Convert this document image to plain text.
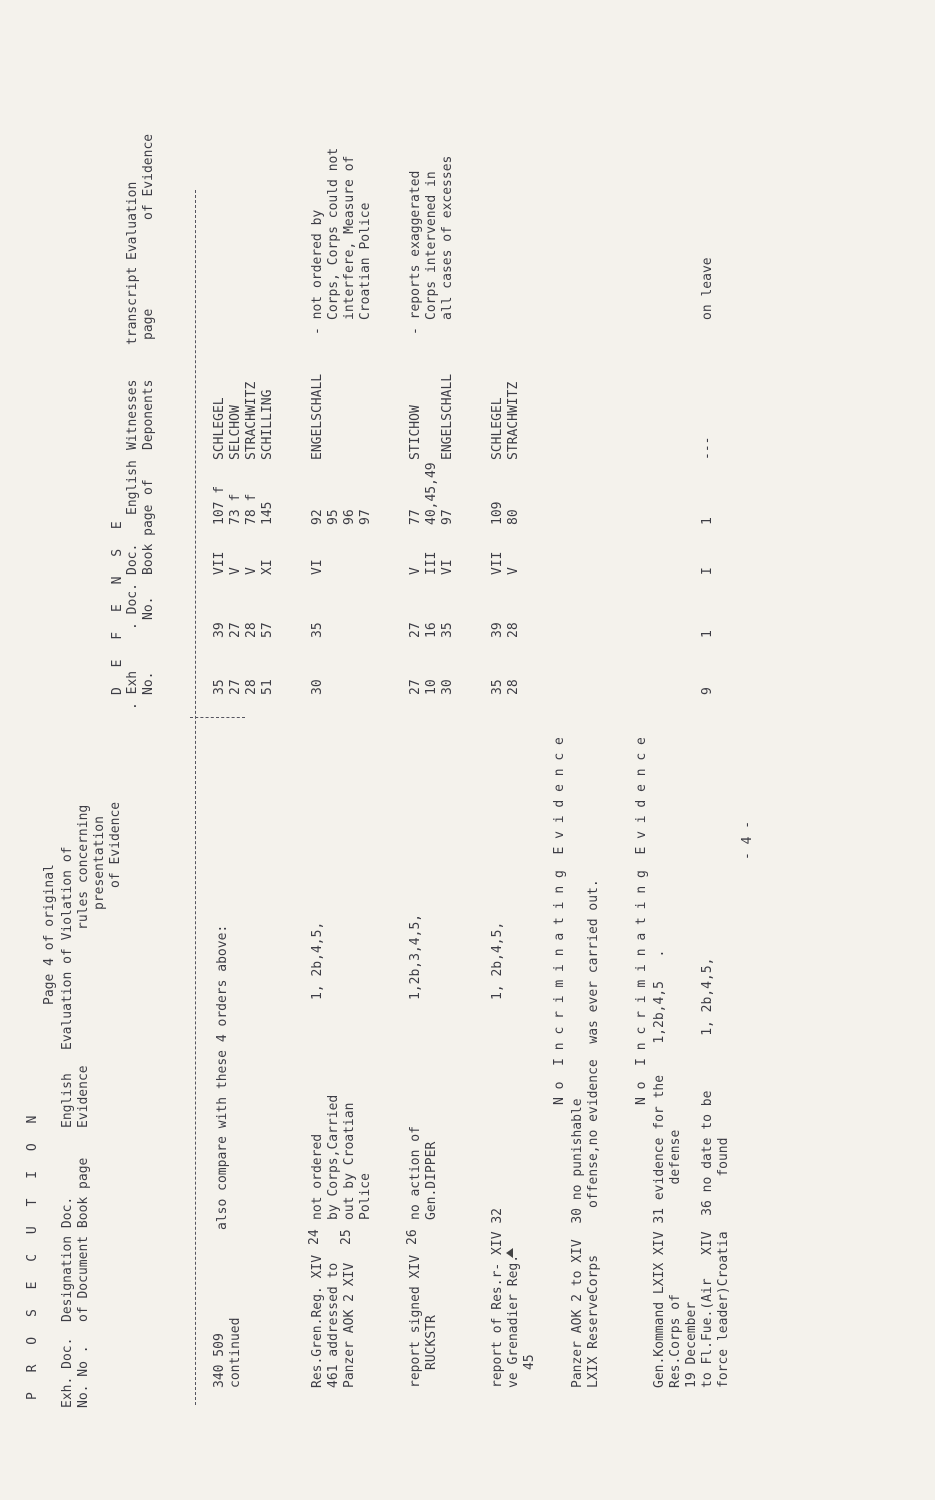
P R O S E C U T I O N
D E F E N S E
Page 4 of original
Exh. Doc. No. No .
Designation Doc. of Document Book page
English Evidence
Evaluation of Violation of rules concerning presentation of Evidence
. Exh No.
. Doc. No.
Doc. Book page
English of
Witnesses Deponents
transcript page
Evaluation
of Evidence
340 509 continued
also compare with these 4 orders above:
35 27 28 51
39 27 28 57
VII V V XI
107 f 73 f 78 f 145
SCHLEGEL SELCHOW STRACHWITZ SCHILLING
Res.Gren.Reg. XIV 461 addressed to Panzer AOK 2 XIV
24 25
not ordered by Corps,Carried out by Croatian Police
1, 2b,4,5,
30
35
VI
92 95 96 97
ENGELSCHALL
- not ordered by Corps, Corps could not interfere, Measure of Croatian Police
report signed XIV RUCKSTR
26
no action of Gen.DIPPER
1,2b,3,4,5,
27 10 30
27 16 35
V III VI
77 40,45,49 97
STICHOW ENGELSCHALL
- reports exaggerated Corps intervened in all cases of excesses
report of Res.r- XIV 32 ve Grenadier Reg. 45
1, 2b,4,5,
35 28
39 28
VII V
109 80
SCHLEGEL STRACHWITZ
N o  I n c r i m i n a t i n g  E v i d e n c e
Panzer AOK 2 to XIV  30 no punishable LXIX ReserveCorps      offense,no evidence  was ever carried out.	N o  I n c r i m i n a t i n g  E v i d e n c e
Gen.Kommand LXIX XIV 31 evidence for the    1,2b,4,5   . Res.Corps of              defense 19 December to Fl.Fue.(Air   XIV  36 no date to be       1, 2b,4,5, force leader)Croatia       found
9
1
I
1
---
on leave
- 4 -
